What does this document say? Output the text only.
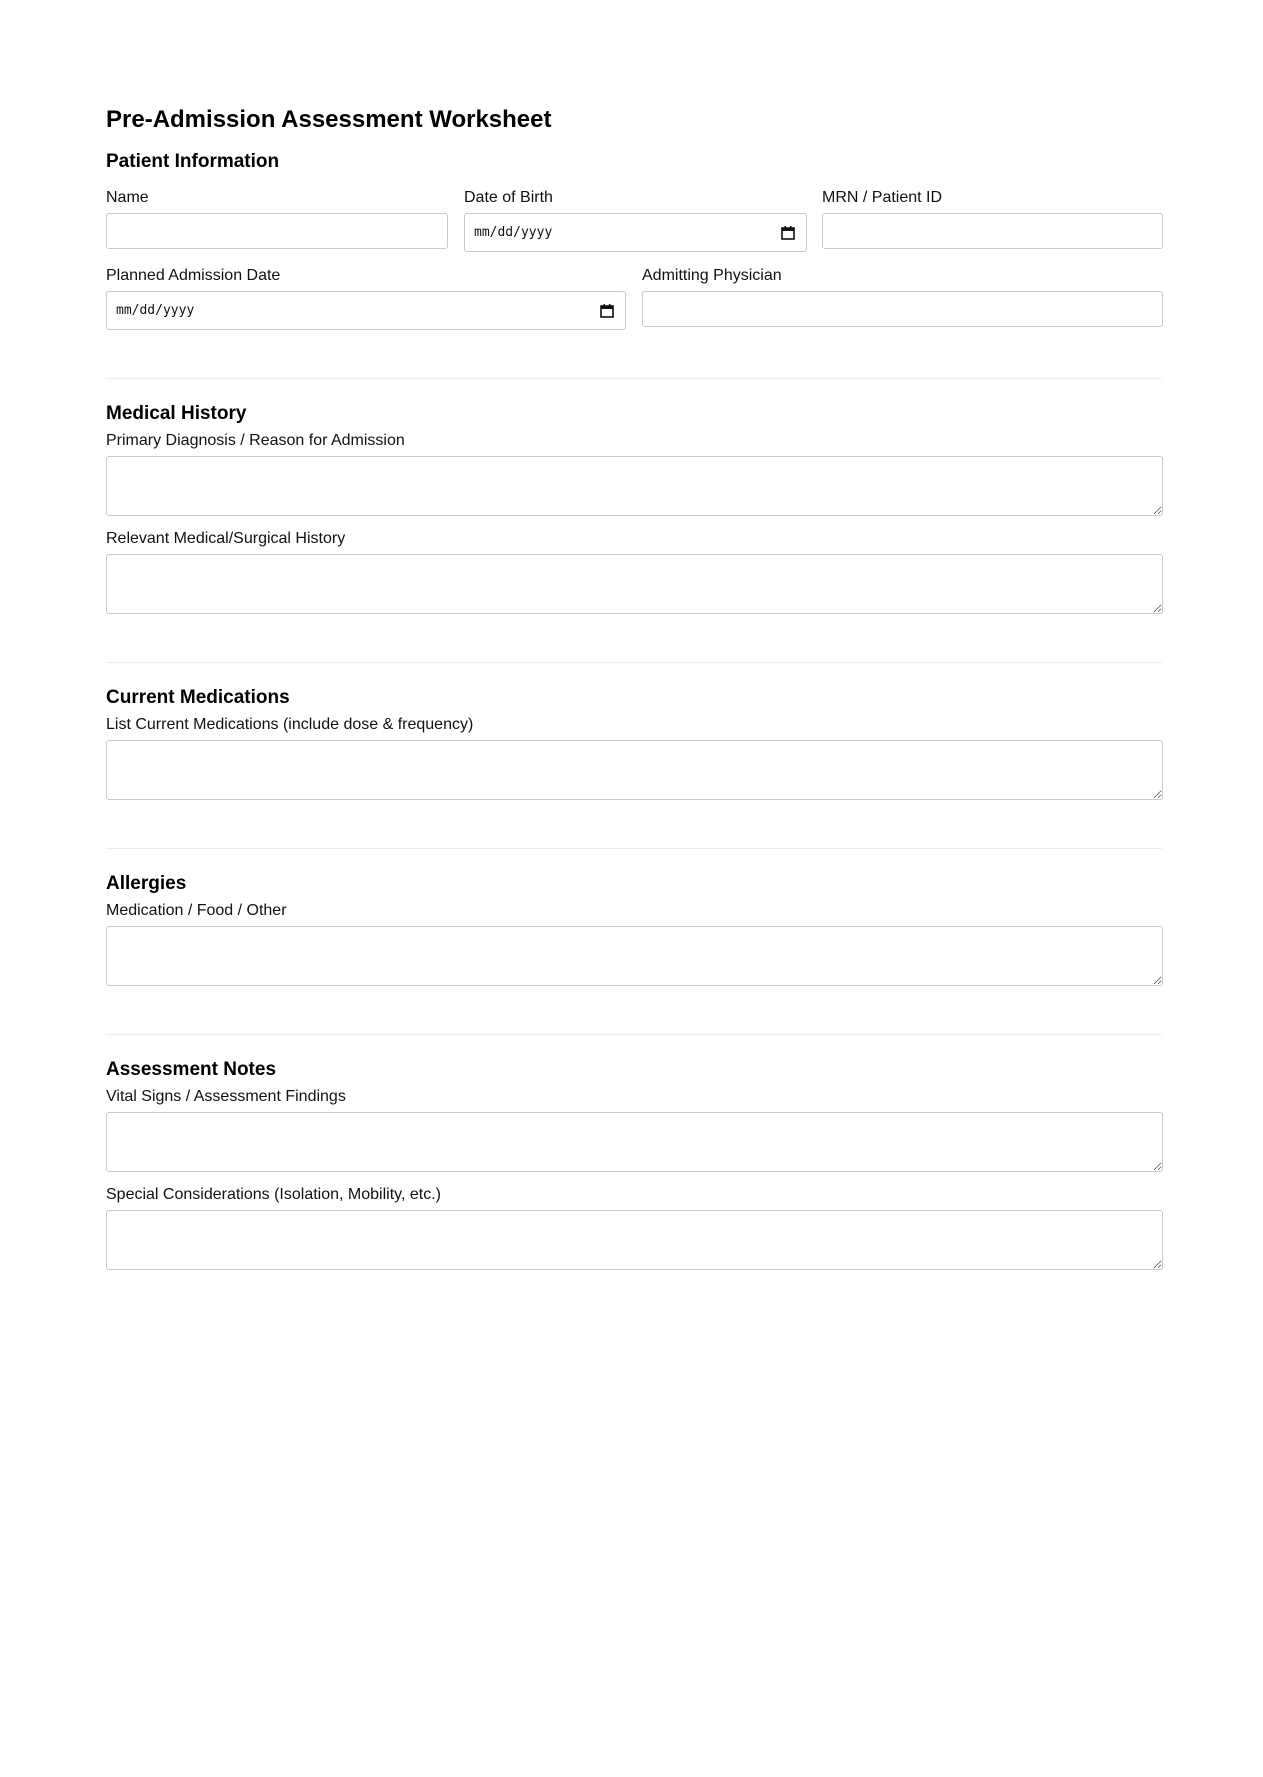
Pre-Admission Assessment Worksheet
Patient Information
Name	Date of Birth
mm/dd/yyyy
MRN / Patient ID
Planned Admission Date
mm/dd/yyyy
Admitting Physician
Medical History
Primary Diagnosis / Reason for Admission
Relevant Medical/Surgical History
Current Medications
List Current Medications (include dose & frequency)
Allergies
Medication / Food / Other
Assessment Notes
Vital Signs / Assessment Findings
Special Considerations (Isolation, Mobility, etc.)
